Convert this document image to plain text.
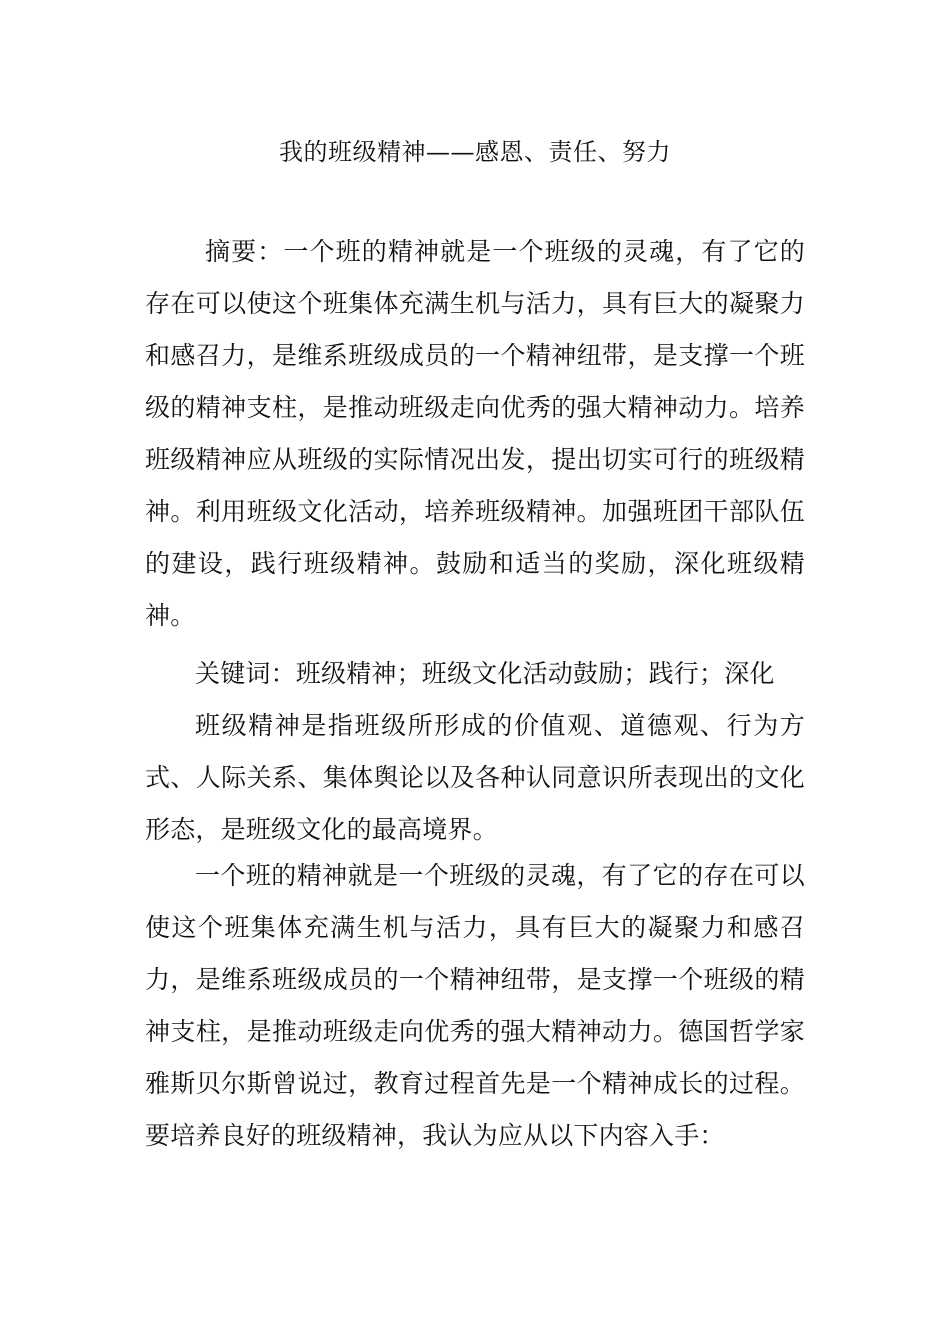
我的班级精神——感恩、责任、努力

摘要：一个班的精神就是一个班级的灵魂，有了它的存在可以使这个班集体充满生机与活力，具有巨大的凝聚力和感召力，是维系班级成员的一个精神纽带，是支撑一个班级的精神支柱，是推动班级走向优秀的强大精神动力。培养班级精神应从班级的实际情况出发，提出切实可行的班级精神。利用班级文化活动，培养班级精神。加强班团干部队伍的建设，践行班级精神。鼓励和适当的奖励，深化班级精神。

关键词：班级精神；班级文化活动鼓励；践行；深化

班级精神是指班级所形成的价值观、道德观、行为方式、人际关系、集体舆论以及各种认同意识所表现出的文化形态，是班级文化的最高境界。

一个班的精神就是一个班级的灵魂，有了它的存在可以使这个班集体充满生机与活力，具有巨大的凝聚力和感召力，是维系班级成员的一个精神纽带，是支撑一个班级的精神支柱，是推动班级走向优秀的强大精神动力。德国哲学家雅斯贝尔斯曾说过，教育过程首先是一个精神成长的过程。要培养良好的班级精神，我认为应从以下内容入手：
